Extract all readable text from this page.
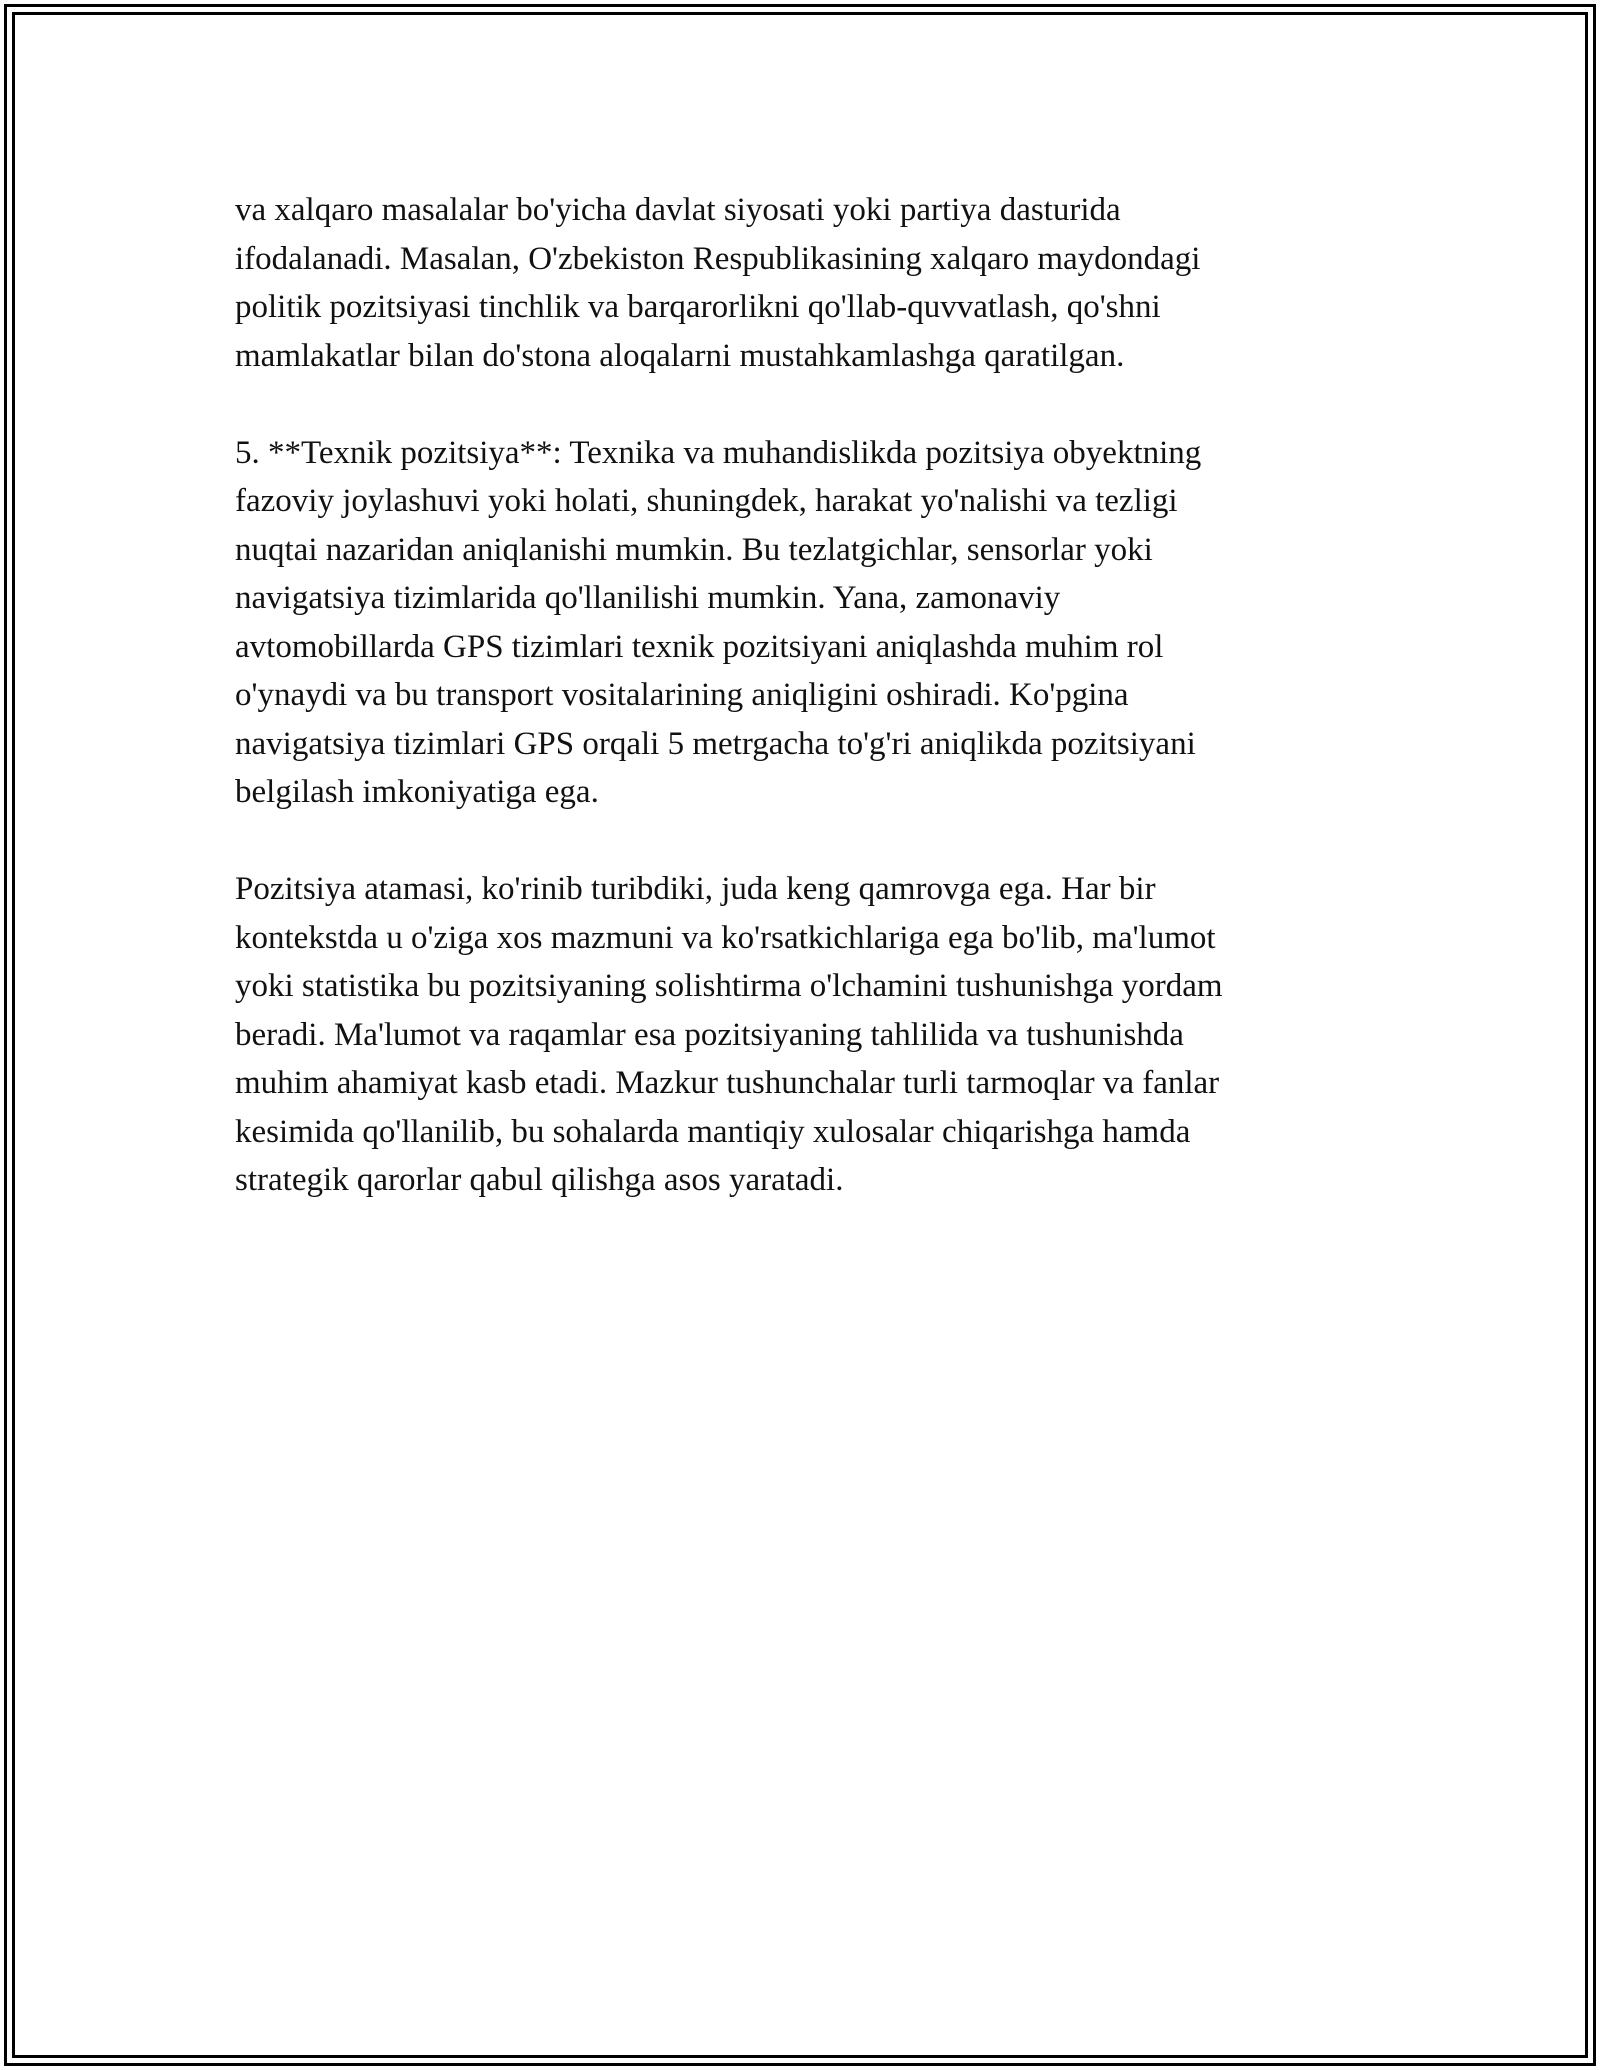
va xalqaro masalalar bo'yicha davlat siyosati yoki partiya dasturida
ifodalanadi. Masalan, O'zbekiston Respublikasining xalqaro maydondagi
politik pozitsiyasi tinchlik va barqarorlikni qo'llab-quvvatlash, qo'shni
mamlakatlar bilan do'stona aloqalarni mustahkamlashga qaratilgan.

5. **Texnik pozitsiya**: Texnika va muhandislikda pozitsiya obyektning
fazoviy joylashuvi yoki holati, shuningdek, harakat yo'nalishi va tezligi
nuqtai nazaridan aniqlanishi mumkin. Bu tezlatgichlar, sensorlar yoki
navigatsiya tizimlarida qo'llanilishi mumkin. Yana, zamonaviy
avtomobillarda GPS tizimlari texnik pozitsiyani aniqlashda muhim rol
o'ynaydi va bu transport vositalarining aniqligini oshiradi. Ko'pgina
navigatsiya tizimlari GPS orqali 5 metrgacha to'g'ri aniqlikda pozitsiyani
belgilash imkoniyatiga ega.

Pozitsiya atamasi, ko'rinib turibdiki, juda keng qamrovga ega. Har bir
kontekstda u o'ziga xos mazmuni va ko'rsatkichlariga ega bo'lib, ma'lumot
yoki statistika bu pozitsiyaning solishtirma o'lchamini tushunishga yordam
beradi. Ma'lumot va raqamlar esa pozitsiyaning tahlilida va tushunishda
muhim ahamiyat kasb etadi. Mazkur tushunchalar turli tarmoqlar va fanlar
kesimida qo'llanilib, bu sohalarda mantiqiy xulosalar chiqarishga hamda
strategik qarorlar qabul qilishga asos yaratadi.
